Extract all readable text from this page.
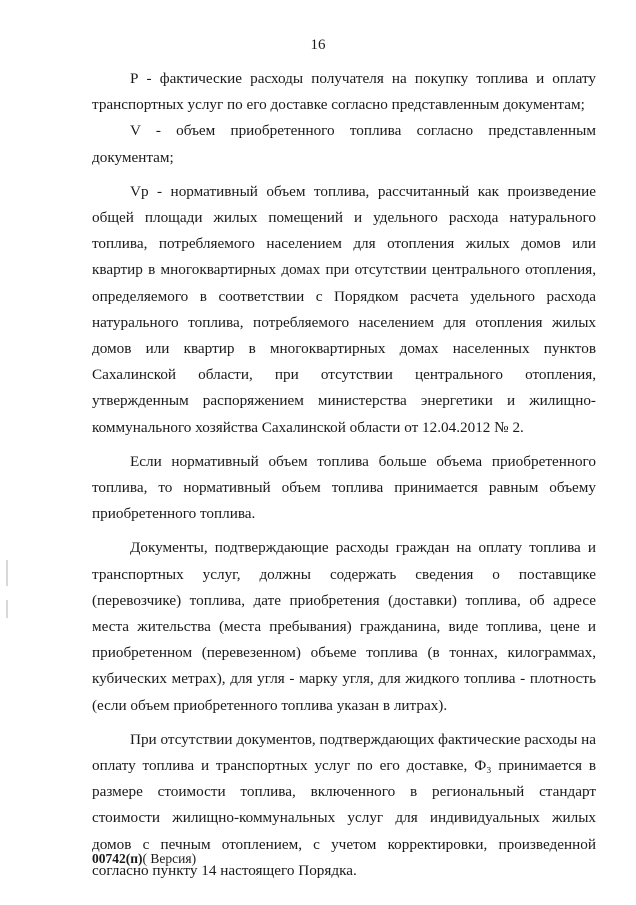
16

Р - фактические расходы получателя на покупку топлива и оплату транспортных услуг по его доставке согласно представленным документам;

V - объем приобретенного топлива согласно представленным документам;

Vр - нормативный объем топлива, рассчитанный как произведение общей площади жилых помещений и удельного расхода натурального топлива, потребляемого населением для отопления жилых домов или квартир в многоквартирных домах при отсутствии центрального отопления, определяемого в соответствии с Порядком расчета удельного расхода натурального топлива, потребляемого населением для отопления жилых домов или квартир в многоквартирных домах населенных пунктов Сахалинской области, при отсутствии центрального отопления, утвержденным распоряжением министерства энергетики и жилищно-коммунального хозяйства Сахалинской области от 12.04.2012 № 2.

Если нормативный объем топлива больше объема приобретенного топлива, то нормативный объем топлива принимается равным объему приобретенного топлива.

Документы, подтверждающие расходы граждан на оплату топлива и транспортных услуг, должны содержать сведения о поставщике (перевозчике) топлива, дате приобретения (доставки) топлива, об адресе места жительства (места пребывания) гражданина, виде топлива, цене и приобретенном (перевезенном) объеме топлива (в тоннах, килограммах, кубических метрах), для угля - марку угля, для жидкого топлива - плотность (если объем приобретенного топлива указан в литрах).

При отсутствии документов, подтверждающих фактические расходы на оплату топлива и транспортных услуг по его доставке, Ф₃ принимается в размере стоимости топлива, включенного в региональный стандарт стоимости жилищно-коммунальных услуг для индивидуальных жилых домов с печным отоплением, с учетом корректировки, произведенной согласно пункту 14 настоящего Порядка.

00742(п)( Версия)
